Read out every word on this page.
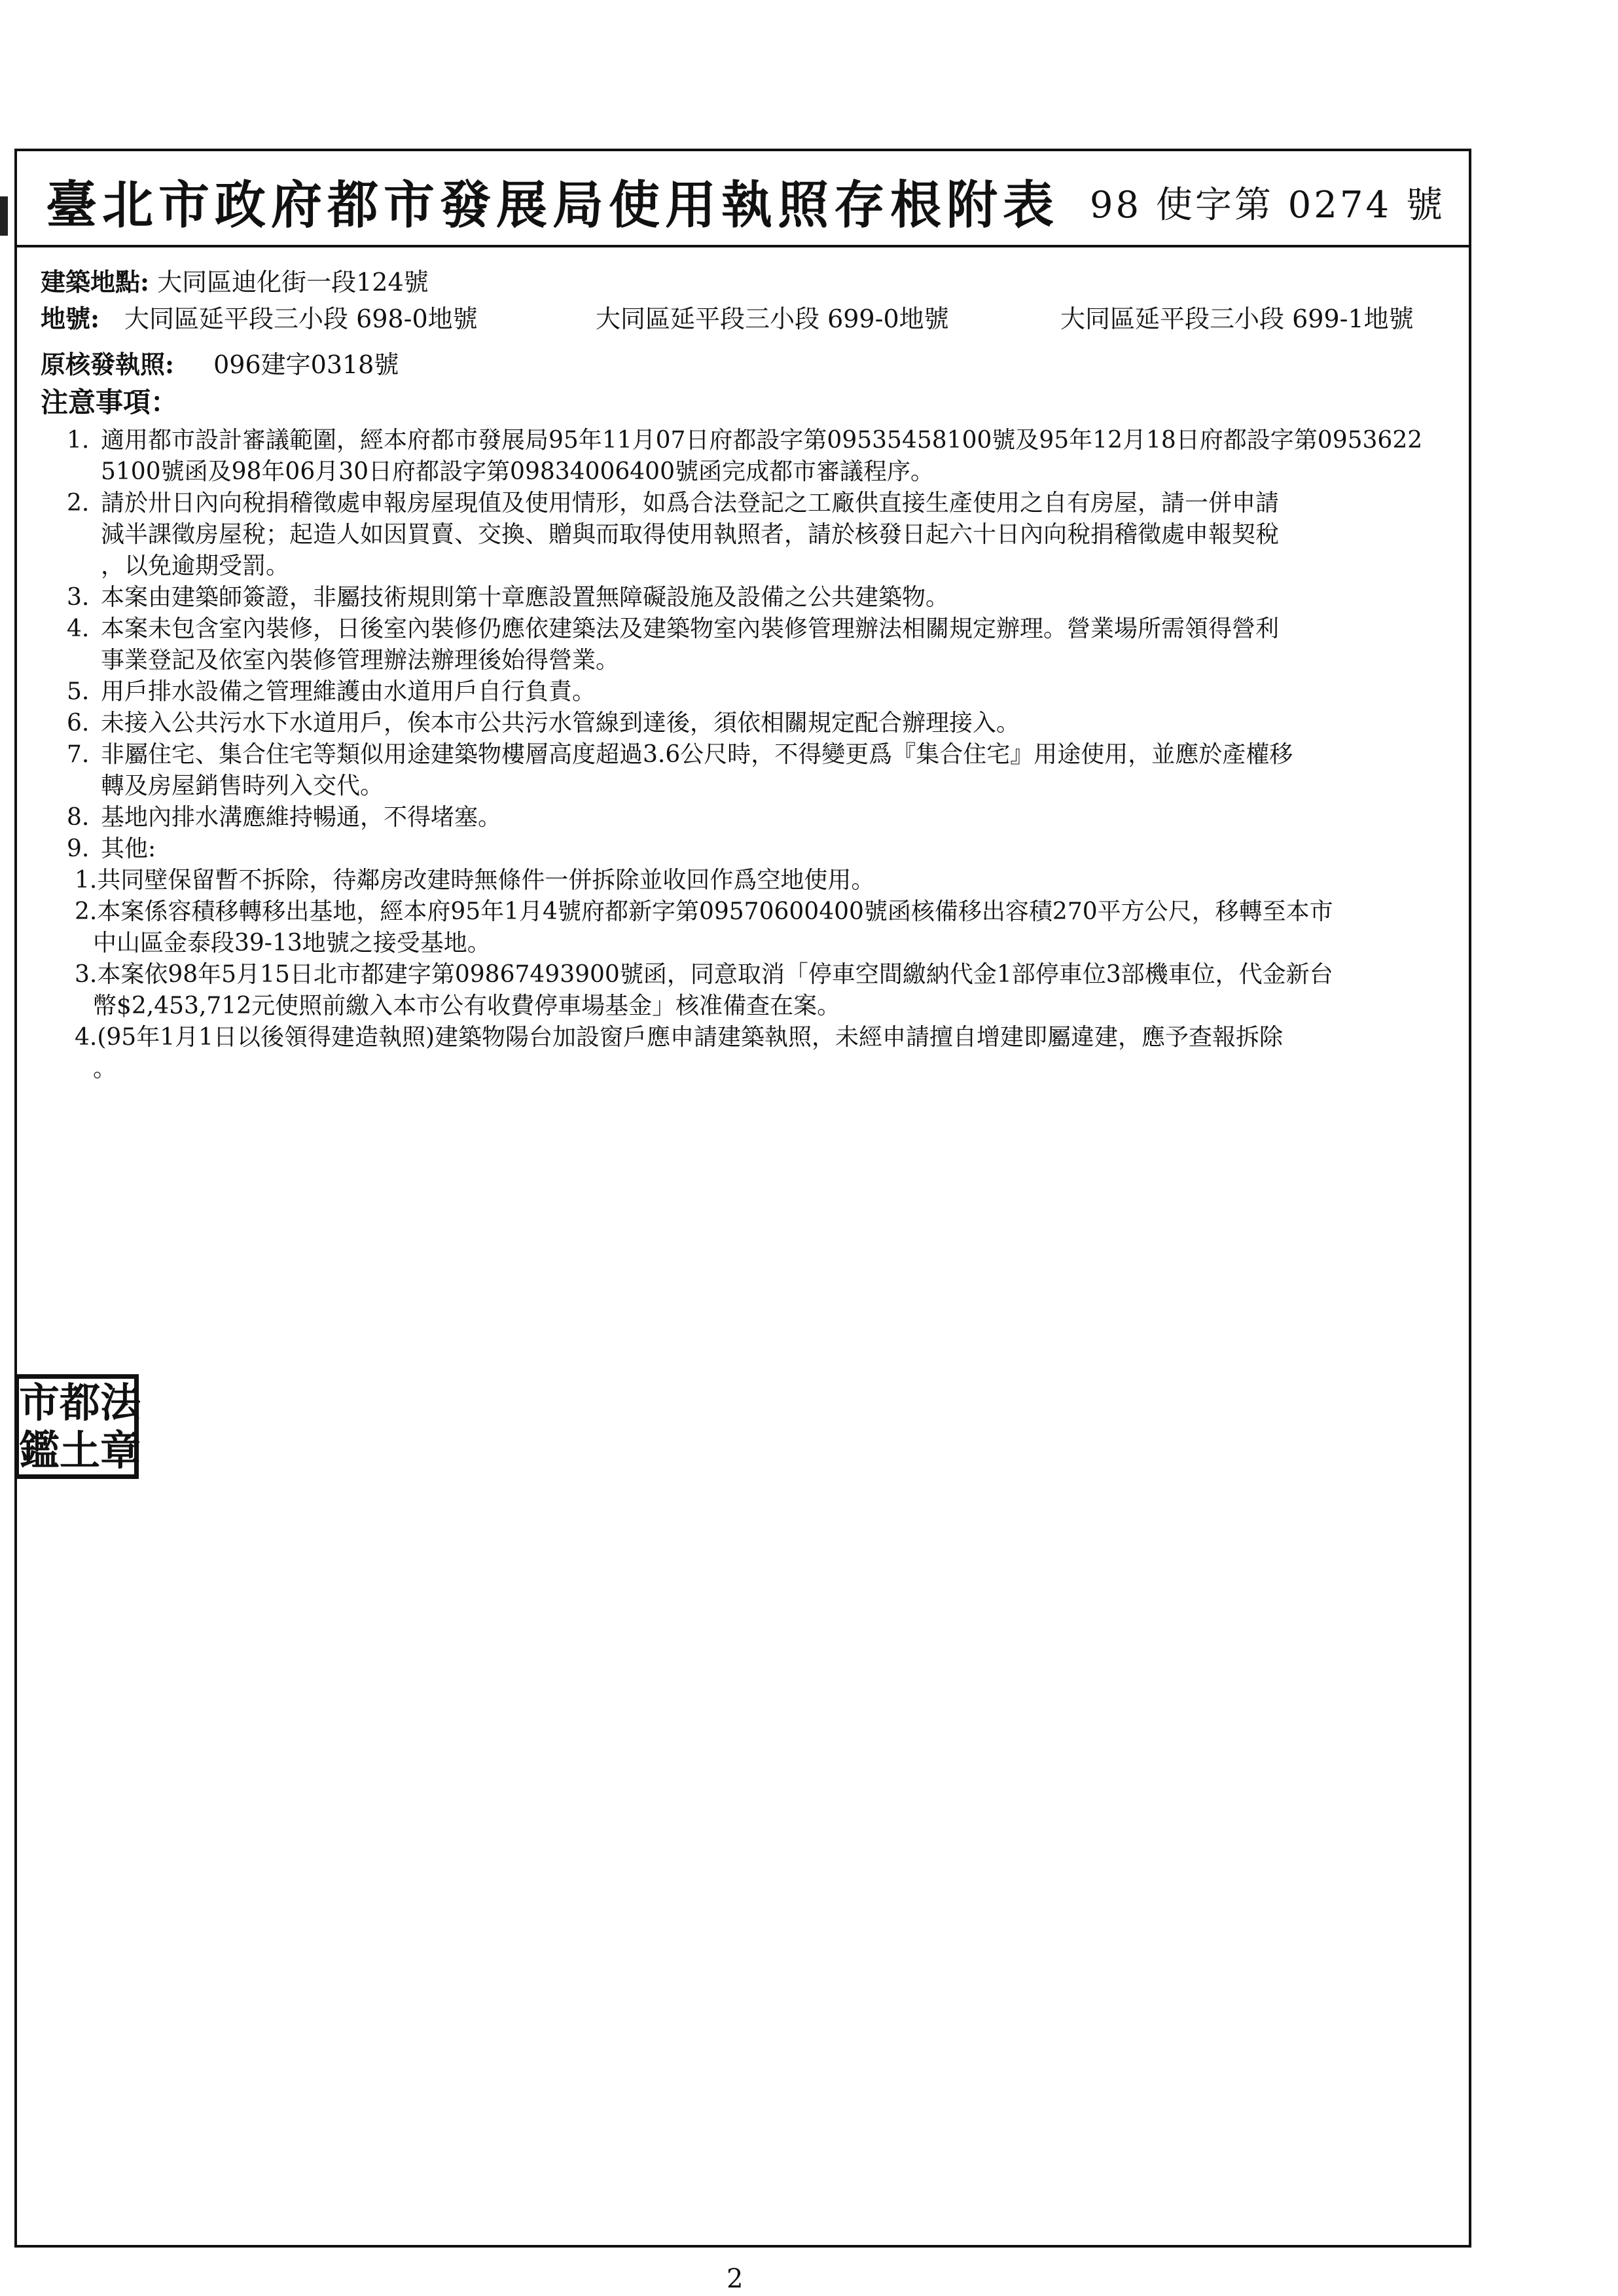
臺北市政府都市發展局使用執照存根附表 98 使字第 0274 號
建築地點: 大同區迪化街一段124號
地號: 大同區延平段三小段 698-0地號	大同區延平段三小段 699-0地號	大同區延平段三小段 699-1地號
原核發執照: 096建字0318號
注意事項：
1. 適用都市設計審議範圍，經本府都市發展局95年11月07日府都設字第09535458100號及95年12月18日府都設字第0953622
5100號函及98年06月30日府都設字第09834006400號函完成都市審議程序。
2. 請於卅日內向稅捐稽徵處申報房屋現值及使用情形，如爲合法登記之工廠供直接生產使用之自有房屋，請一併申請
減半課徵房屋稅；起造人如因買賣、交換、贈與而取得使用執照者，請於核發日起六十日內向稅捐稽徵處申報契稅
，以免逾期受罰。
3. 本案由建築師簽證，非屬技術規則第十章應設置無障礙設施及設備之公共建築物。
4. 本案未包含室內裝修，日後室內裝修仍應依建築法及建築物室內裝修管理辦法相關規定辦理。營業場所需領得營利
事業登記及依室內裝修管理辦法辦理後始得營業。
5. 用戶排水設備之管理維護由水道用戶自行負責。
6. 未接入公共污水下水道用戶，俟本市公共污水管線到達後，須依相關規定配合辦理接入。
7. 非屬住宅、集合住宅等類似用途建築物樓層高度超過3.6公尺時，不得變更爲『集合住宅』用途使用，並應於產權移
轉及房屋銷售時列入交代。
8. 基地內排水溝應維持暢通，不得堵塞。
9. 其他:
1.共同壁保留暫不拆除，待鄰房改建時無條件一併拆除並收回作爲空地使用。
2.本案係容積移轉移出基地，經本府95年1月4號府都新字第09570600400號函核備移出容積270平方公尺，移轉至本市
中山區金泰段39-13地號之接受基地。
3.本案依98年5月15日北市都建字第09867493900號函，同意取消「停車空間繳納代金1部停車位3部機車位，代金新台
幣$2,453,712元使照前繳入本市公有收費停車場基金」核准備查在案。
4.(95年1月1日以後領得建造執照)建築物陽台加設窗戶應申請建築執照，未經申請擅自增建即屬違建，應予查報拆除
。
市 都 法
鑑 土 章
2
